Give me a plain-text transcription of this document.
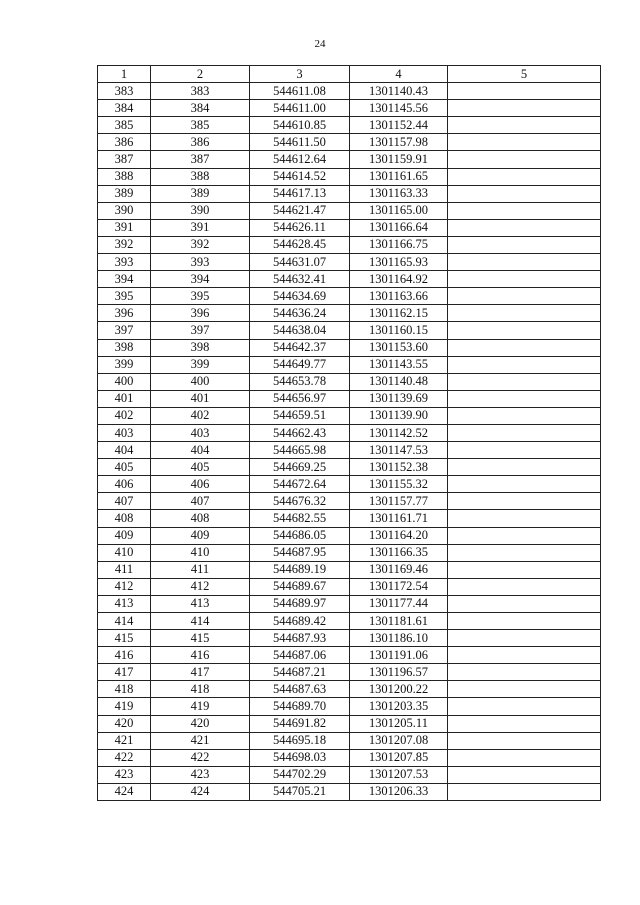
24
1	2	3	4	5
383	383	544611.08	1301140.43	
384	384	544611.00	1301145.56	
385	385	544610.85	1301152.44	
386	386	544611.50	1301157.98	
387	387	544612.64	1301159.91	
388	388	544614.52	1301161.65	
389	389	544617.13	1301163.33	
390	390	544621.47	1301165.00	
391	391	544626.11	1301166.64	
392	392	544628.45	1301166.75	
393	393	544631.07	1301165.93	
394	394	544632.41	1301164.92	
395	395	544634.69	1301163.66	
396	396	544636.24	1301162.15	
397	397	544638.04	1301160.15	
398	398	544642.37	1301153.60	
399	399	544649.77	1301143.55	
400	400	544653.78	1301140.48	
401	401	544656.97	1301139.69	
402	402	544659.51	1301139.90	
403	403	544662.43	1301142.52	
404	404	544665.98	1301147.53	
405	405	544669.25	1301152.38	
406	406	544672.64	1301155.32	
407	407	544676.32	1301157.77	
408	408	544682.55	1301161.71	
409	409	544686.05	1301164.20	
410	410	544687.95	1301166.35	
411	411	544689.19	1301169.46	
412	412	544689.67	1301172.54	
413	413	544689.97	1301177.44	
414	414	544689.42	1301181.61	
415	415	544687.93	1301186.10	
416	416	544687.06	1301191.06	
417	417	544687.21	1301196.57	
418	418	544687.63	1301200.22	
419	419	544689.70	1301203.35	
420	420	544691.82	1301205.11	
421	421	544695.18	1301207.08	
422	422	544698.03	1301207.85	
423	423	544702.29	1301207.53	
424	424	544705.21	1301206.33	
